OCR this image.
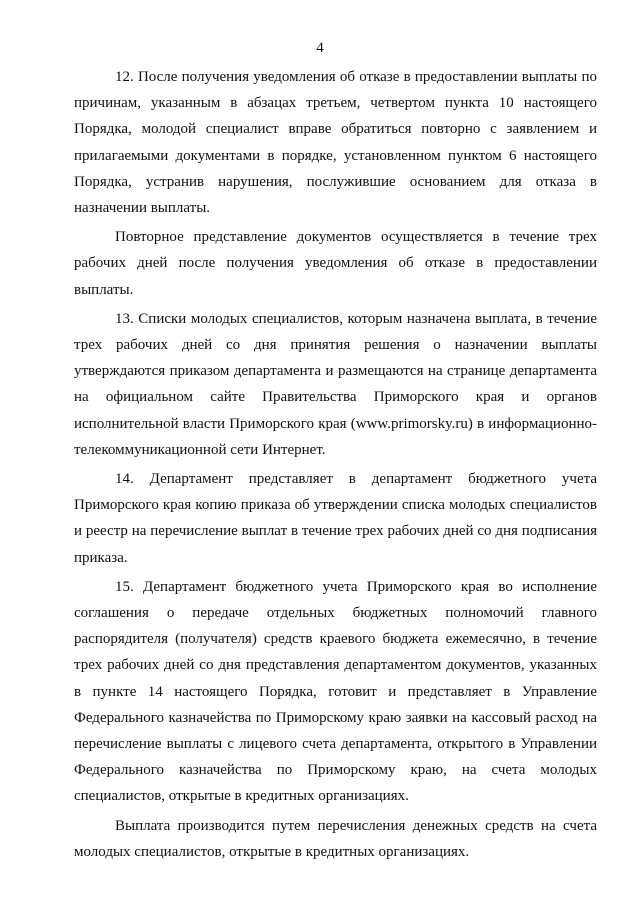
4

12. После получения уведомления об отказе в предоставлении выплаты по причинам, указанным в абзацах третьем, четвертом пункта 10 настоящего Порядка, молодой специалист вправе обратиться повторно с заявлением и прилагаемыми документами в порядке, установленном пунктом 6 настоящего Порядка, устранив нарушения, послужившие основанием для отказа в назначении выплаты.

Повторное представление документов осуществляется в течение трех рабочих дней после получения уведомления об отказе в предоставлении выплаты.

13. Списки молодых специалистов, которым назначена выплата, в течение трех рабочих дней со дня принятия решения о назначении выплаты утверждаются приказом департамента и размещаются на странице департамента на официальном сайте Правительства Приморского края и органов исполнительной власти Приморского края (www.primorsky.ru) в информационно-телекоммуникационной сети Интернет.

14. Департамент представляет в департамент бюджетного учета Приморского края копию приказа об утверждении списка молодых специалистов и реестр на перечисление выплат в течение трех рабочих дней со дня подписания приказа.

15. Департамент бюджетного учета Приморского края во исполнение соглашения о передаче отдельных бюджетных полномочий главного распорядителя (получателя) средств краевого бюджета ежемесячно, в течение трех рабочих дней со дня представления департаментом документов, указанных в пункте 14 настоящего Порядка, готовит и представляет в Управление Федерального казначейства по Приморскому краю заявки на кассовый расход на перечисление выплаты с лицевого счета департамента, открытого в Управлении Федерального казначейства по Приморскому краю, на счета молодых специалистов, открытые в кредитных организациях.

Выплата производится путем перечисления денежных средств на счета молодых специалистов, открытые в кредитных организациях.
